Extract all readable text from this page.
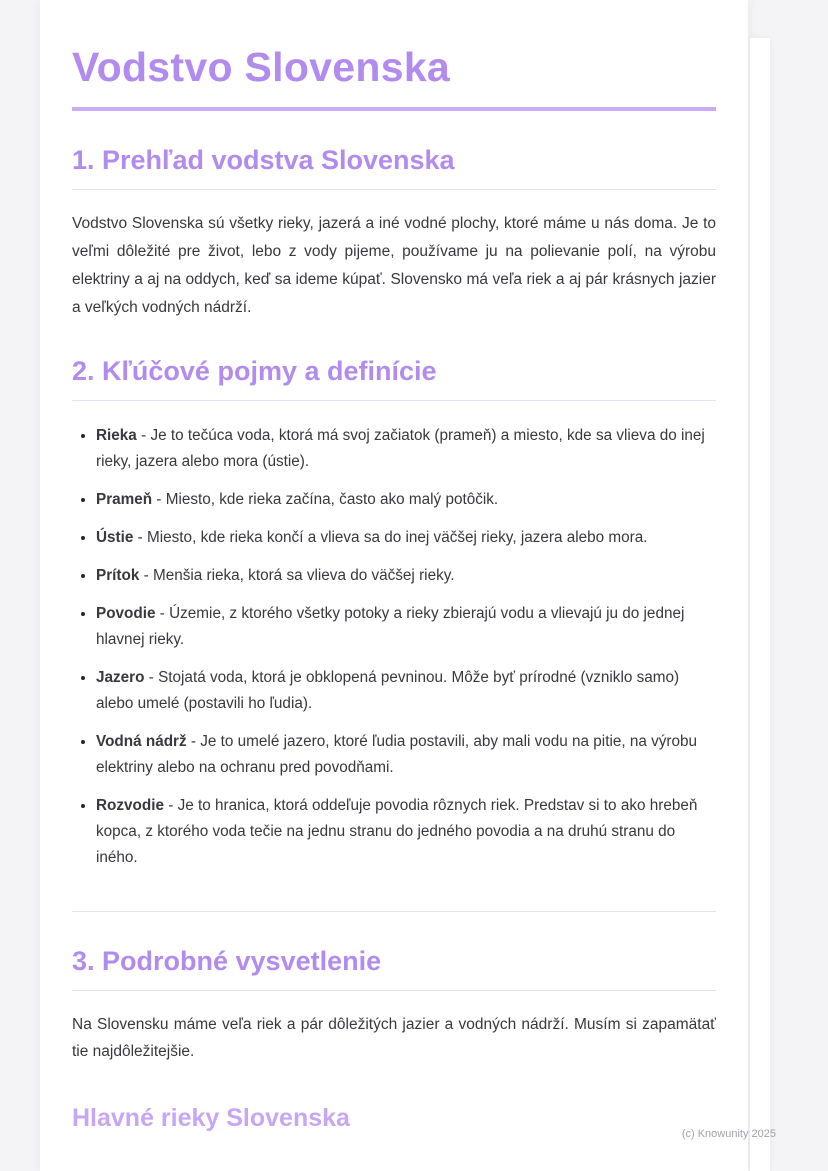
Vodstvo Slovenska
1. Prehľad vodstva Slovenska

Vodstvo Slovenska sú všetky rieky, jazerá a iné vodné plochy, ktoré máme u nás doma. Je to veľmi dôležité pre život, lebo z vody pijeme, používame ju na polievanie polí, na výrobu elektriny a aj na oddych, keď sa ideme kúpať. Slovensko má veľa riek a aj pár krásnych jazier a veľkých vodných nádrží.

2. Kľúčové pojmy a definície
• Rieka - Je to tečúca voda, ktorá má svoj začiatok (prameň) a miesto, kde sa vlieva do inej rieky, jazera alebo mora (ústie).
• Prameň - Miesto, kde rieka začína, často ako malý potôčik.
• Ústie - Miesto, kde rieka končí a vlieva sa do inej väčšej rieky, jazera alebo mora.
• Prítok - Menšia rieka, ktorá sa vlieva do väčšej rieky.
• Povodie - Územie, z ktorého všetky potoky a rieky zbierajú vodu a vlievajú ju do jednej hlavnej rieky.
• Jazero - Stojatá voda, ktorá je obklopená pevninou. Môže byť prírodné (vzniklo samo) alebo umelé (postavili ho ľudia).
• Vodná nádrž - Je to umelé jazero, ktoré ľudia postavili, aby mali vodu na pitie, na výrobu elektriny alebo na ochranu pred povodňami.
• Rozvodie - Je to hranica, ktorá oddeľuje povodia rôznych riek. Predstav si to ako hrebeň kopca, z ktorého voda tečie na jednu stranu do jedného povodia a na druhú stranu do iného.
3. Podrobné vysvetlenie

Na Slovensku máme veľa riek a pár dôležitých jazier a vodných nádrží. Musím si zapamätať tie najdôležitejšie.

Hlavné rieky Slovenska
(c) Knowunity 2025
